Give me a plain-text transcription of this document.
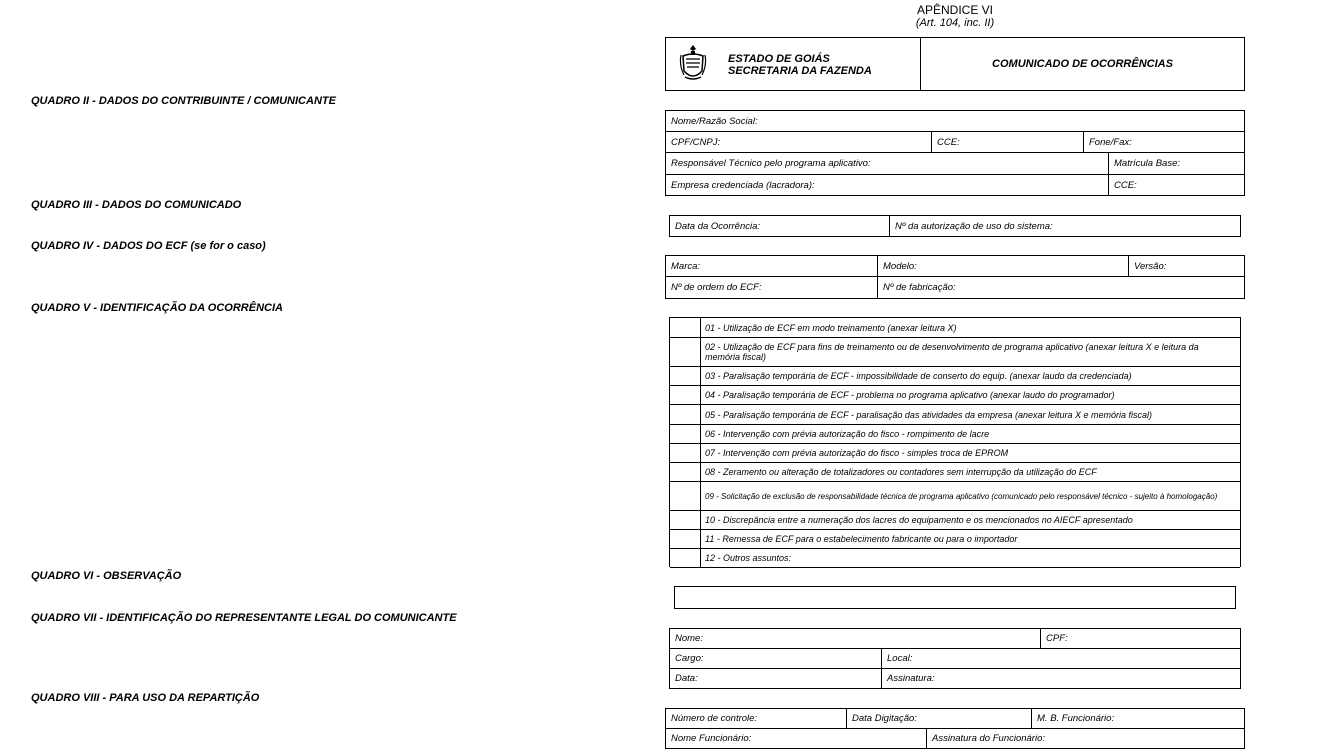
APÊNDICE VI
(Art. 104, inc. II)
ESTADO DE GOIÁS
SECRETARIA DA FAZENDA
COMUNICADO DE OCORRÊNCIAS
QUADRO II - DADOS DO CONTRIBUINTE / COMUNICANTE
QUADRO III - DADOS DO COMUNICADO
QUADRO IV - DADOS DO ECF (se for o caso)
QUADRO V - IDENTIFICAÇÃO DA OCORRÊNCIA
QUADRO VI - OBSERVAÇÃO
QUADRO VII - IDENTIFICAÇÃO DO REPRESENTANTE LEGAL DO COMUNICANTE
QUADRO VIII - PARA USO DA REPARTIÇÃO
Nome/Razão Social:
CPF/CNPJ:	CCE:	Fone/Fax:
Responsável Técnico pelo programa aplicativo:	Matrícula Base:
Empresa credenciada (lacradora):	CCE:
Data da Ocorrência:	Nº da autorização de uso do sistema:
Marca:	Modelo:	Versão:
Nº de ordem do ECF:	Nº de fabricação:
01 - Utilização de ECF em modo treinamento (anexar leitura X)
02 - Utilização de ECF para fins de treinamento ou de desenvolvimento de programa aplicativo (anexar leitura X e leitura da memória fiscal)
03 - Paralisação temporária de ECF - impossibilidade de conserto do equip. (anexar laudo da credenciada)
04 - Paralisação temporária de ECF - problema no programa aplicativo (anexar laudo do programador)
05 - Paralisação temporária de ECF - paralisação das atividades da empresa (anexar leitura X e memória fiscal)
06 - Intervenção com prévia autorização do fisco - rompimento de lacre
07 - Intervenção com prévia autorização do fisco - simples troca de EPROM
08 - Zeramento ou alteração de totalizadores ou contadores sem interrupção da utilização do ECF
09 - Solicitação de exclusão de responsabilidade técnica de programa aplicativo (comunicado pelo responsável técnico - sujeito à homologação)
10 - Discrepância entre a numeração dos lacres do equipamento e os mencionados no AIECF apresentado
11 - Remessa de ECF para o estabelecimento fabricante ou para o importador
12 - Outros assuntos:
Nome:	CPF:
Cargo:	Local:
Data:	Assinatura:
Número de controle:	Data Digitação:	M. B. Funcionário:
Nome Funcionário:	Assinatura do Funcionário:
